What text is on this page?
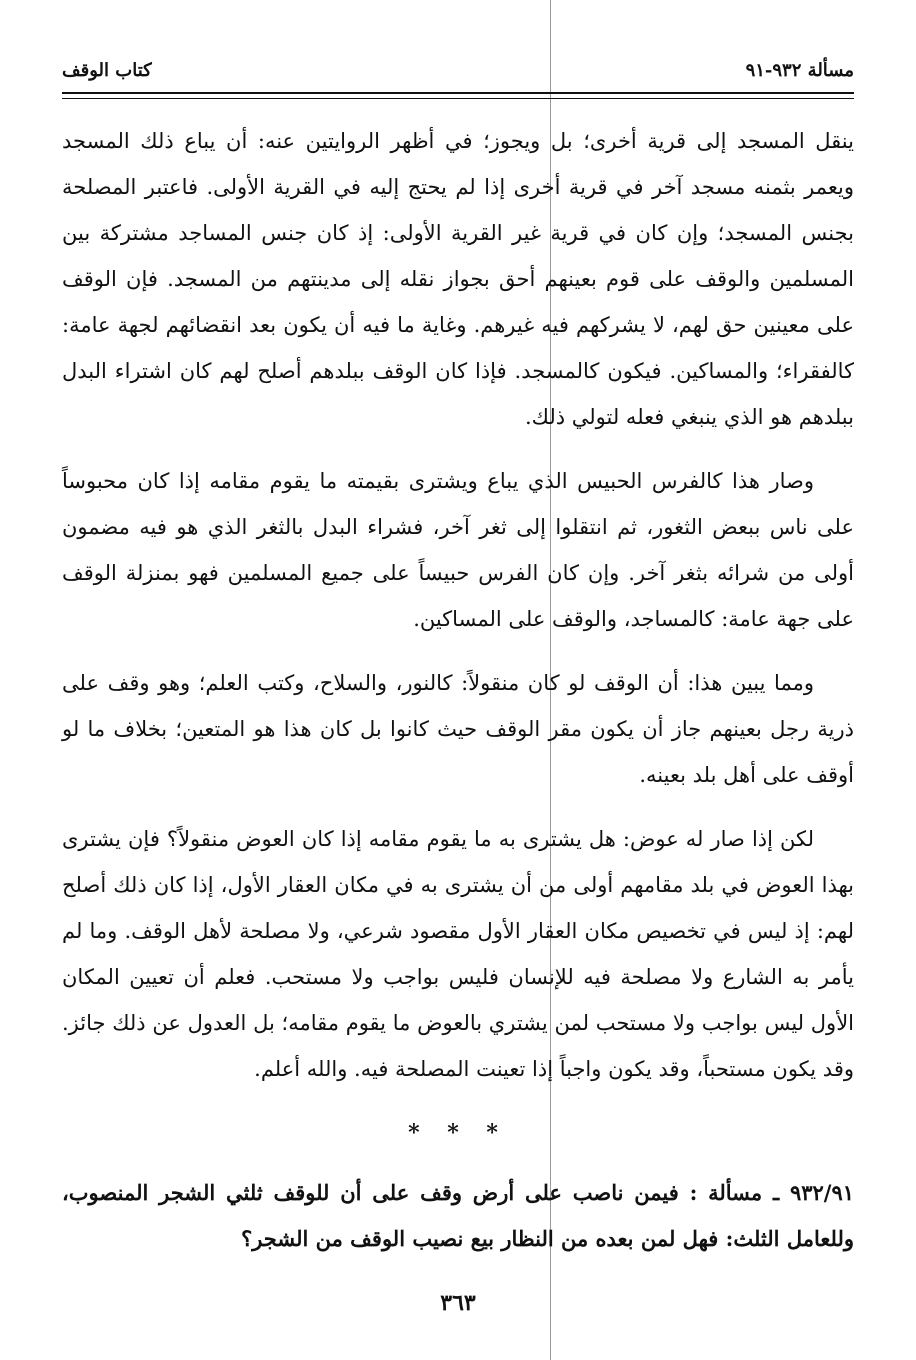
مسألة ٩٣٢-٩١
كتاب الوقف

ينقل المسجد إلى قرية أخرى؛ بل ويجوز؛ في أظهر الروايتين عنه: أن يباع ذلك المسجد ويعمر بثمنه مسجد آخر في قرية أخرى إذا لم يحتج إليه في القرية الأولى. فاعتبر المصلحة بجنس المسجد؛ وإن كان في قرية غير القرية الأولى: إذ كان جنس المساجد مشتركة بين المسلمين والوقف على قوم بعينهم أحق بجواز نقله إلى مدينتهم من المسجد. فإن الوقف على معينين حق لهم، لا يشركهم فيه غيرهم. وغاية ما فيه أن يكون بعد انقضائهم لجهة عامة: كالفقراء؛ والمساكين. فيكون كالمسجد. فإذا كان الوقف ببلدهم أصلح لهم كان اشتراء البدل ببلدهم هو الذي ينبغي فعله لتولي ذلك.

وصار هذا كالفرس الحبيس الذي يباع ويشترى بقيمته ما يقوم مقامه إذا كان محبوساً على ناس ببعض الثغور، ثم انتقلوا إلى ثغر آخر، فشراء البدل بالثغر الذي هو فيه مضمون أولى من شرائه بثغر آخر. وإن كان الفرس حبيساً على جميع المسلمين فهو بمنزلة الوقف على جهة عامة: كالمساجد، والوقف على المساكين.

ومما يبين هذا: أن الوقف لو كان منقولاً: كالنور، والسلاح، وكتب العلم؛ وهو وقف على ذرية رجل بعينهم جاز أن يكون مقر الوقف حيث كانوا بل كان هذا هو المتعين؛ بخلاف ما لو أوقف على أهل بلد بعينه.

لكن إذا صار له عوض: هل يشترى به ما يقوم مقامه إذا كان العوض منقولاً؟ فإن يشترى بهذا العوض في بلد مقامهم أولى من أن يشترى به في مكان العقار الأول، إذا كان ذلك أصلح لهم: إذ ليس في تخصيص مكان العقار الأول مقصود شرعي، ولا مصلحة لأهل الوقف. وما لم يأمر به الشارع ولا مصلحة فيه للإنسان فليس بواجب ولا مستحب. فعلم أن تعيين المكان الأول ليس بواجب ولا مستحب لمن يشتري بالعوض ما يقوم مقامه؛ بل العدول عن ذلك جائز. وقد يكون مستحباً، وقد يكون واجباً إذا تعينت المصلحة فيه. والله أعلم.

* * *
٩٣٢/٩١ ـ مسألة : فيمن ناصب على أرض وقف على أن للوقف ثلثي الشجر المنصوب، وللعامل الثلث: فهل لمن بعده من النظار بيع نصيب الوقف من الشجر؟
٣٦٣
